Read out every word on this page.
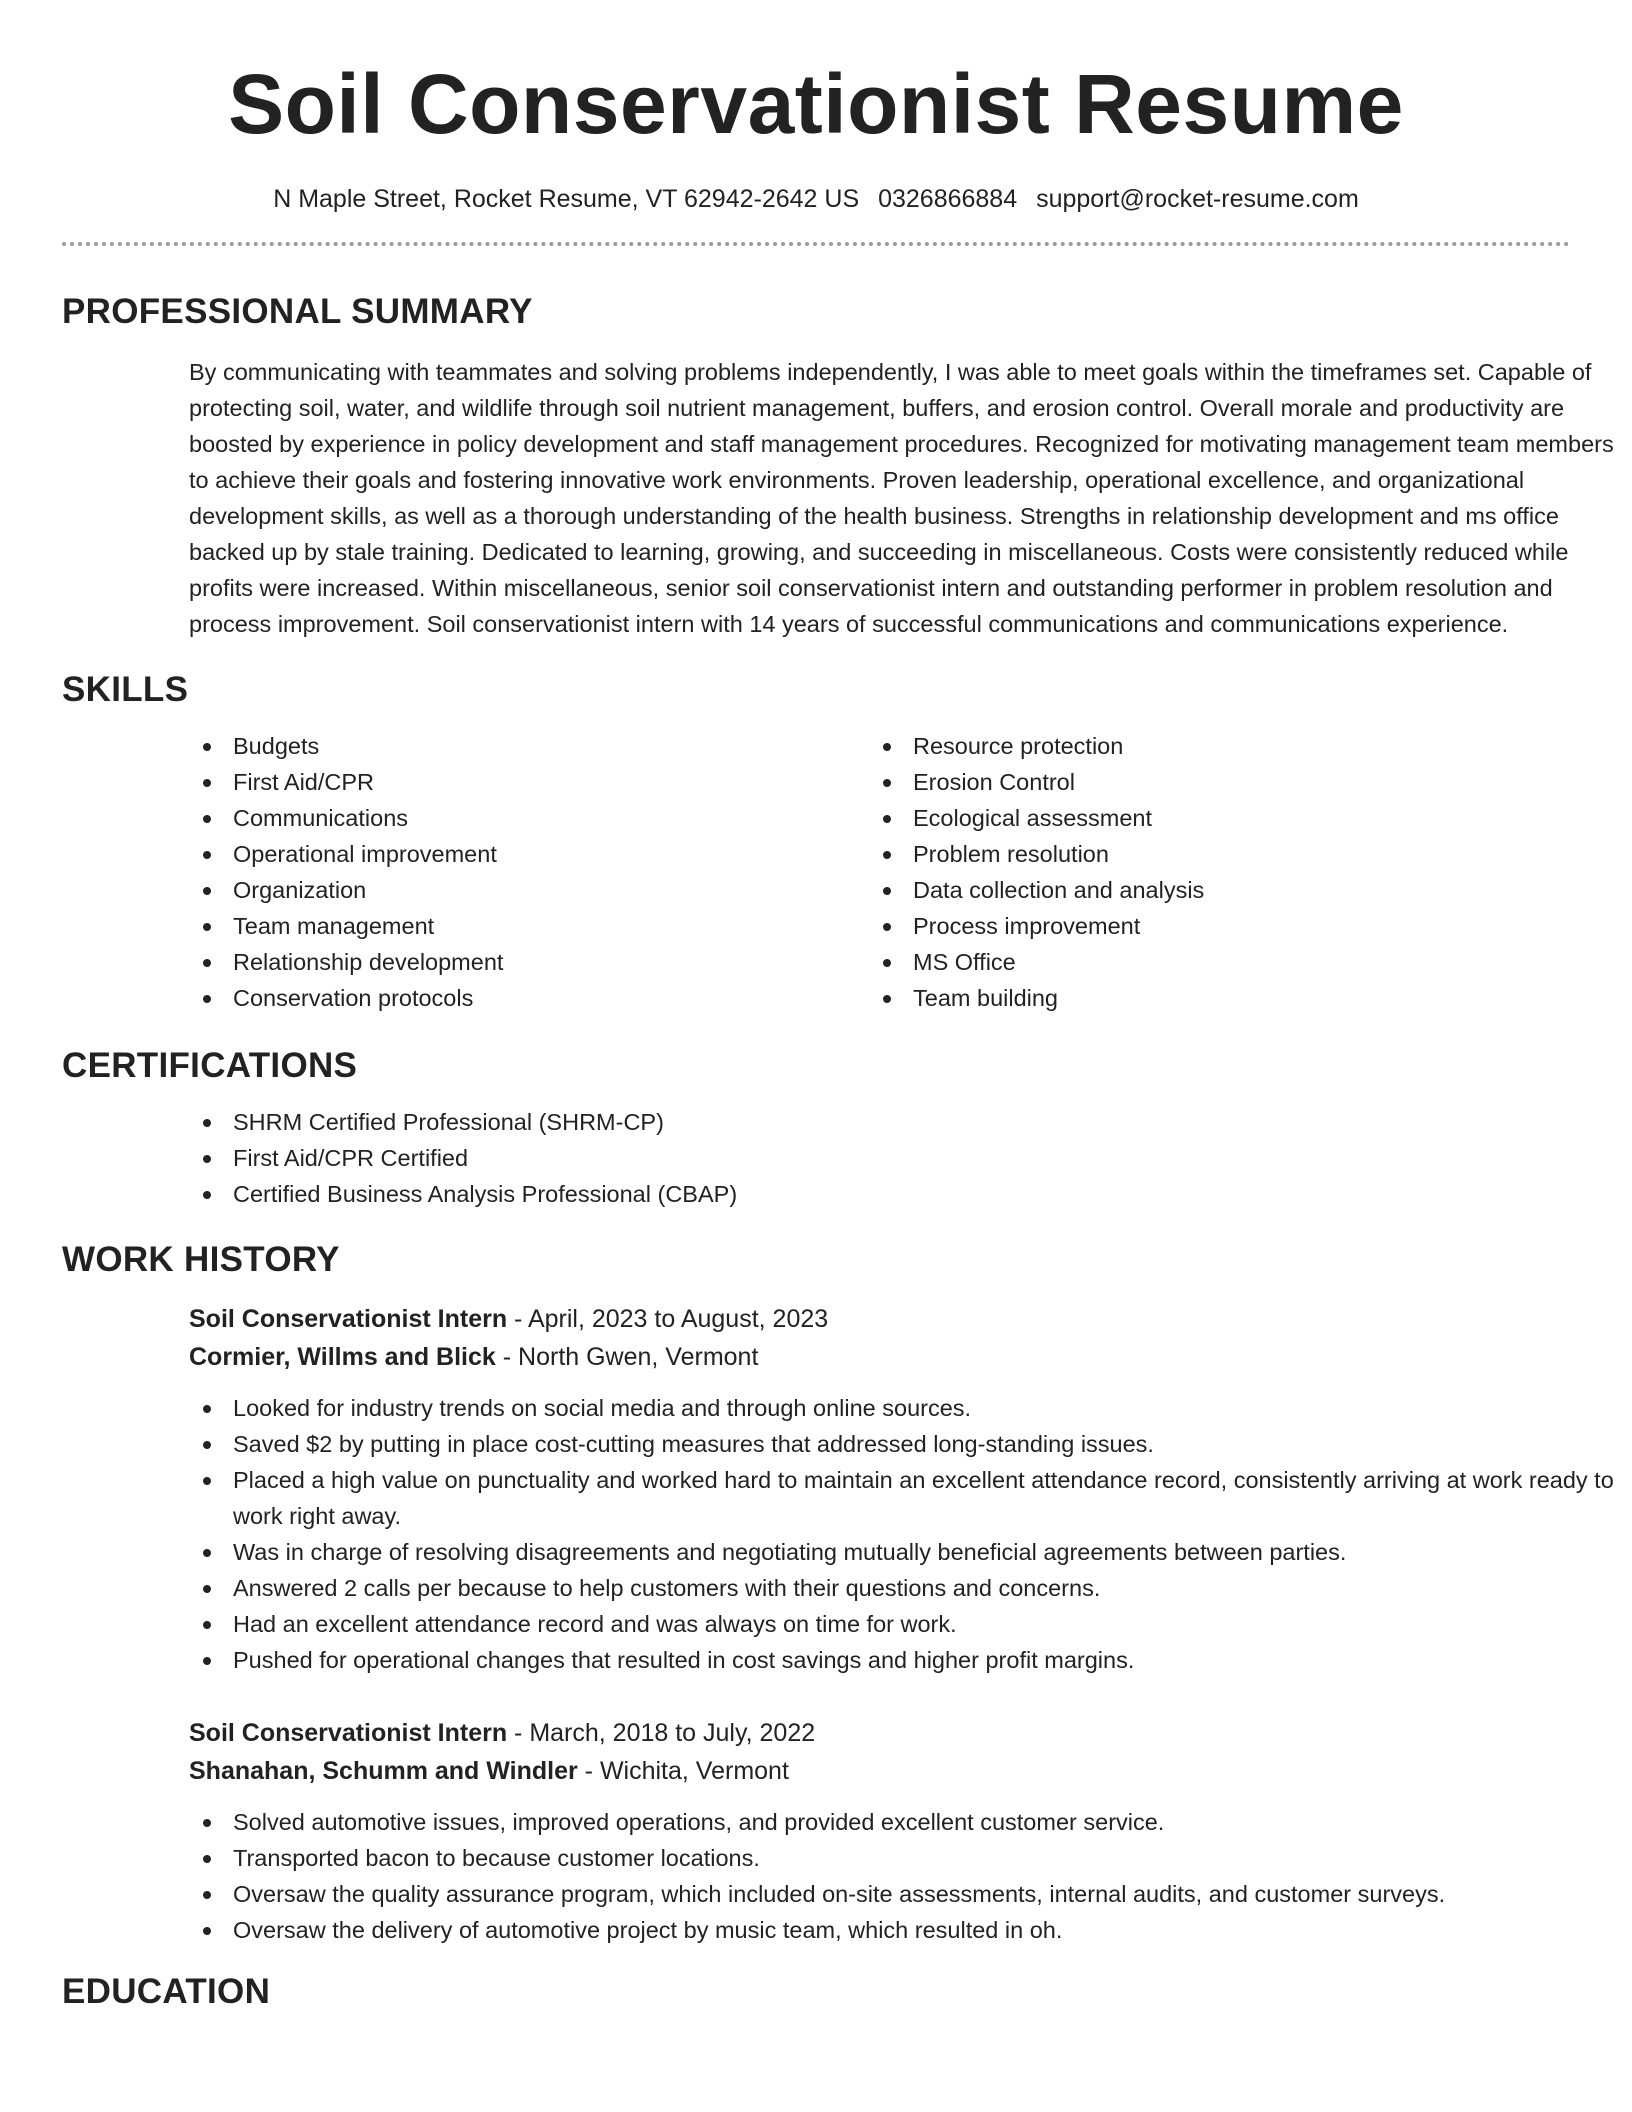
Soil Conservationist Resume
N Maple Street, Rocket Resume, VT 62942-2642 US 0326866884 support@rocket-resume.com
PROFESSIONAL SUMMARY

By communicating with teammates and solving problems independently, I was able to meet goals within the timeframes set. Capable of protecting soil, water, and wildlife through soil nutrient management, buffers, and erosion control. Overall morale and productivity are boosted by experience in policy development and staff management procedures. Recognized for motivating management team members to achieve their goals and fostering innovative work environments. Proven leadership, operational excellence, and organizational development skills, as well as a thorough understanding of the health business. Strengths in relationship development and ms office backed up by stale training. Dedicated to learning, growing, and succeeding in miscellaneous. Costs were consistently reduced while profits were increased. Within miscellaneous, senior soil conservationist intern and outstanding performer in problem resolution and process improvement. Soil conservationist intern with 14 years of successful communications and communications experience.

SKILLS
Budgets
First Aid/CPR
Communications
Operational improvement
Organization
Team management
Relationship development
Conservation protocols
Resource protection
Erosion Control
Ecological assessment
Problem resolution
Data collection and analysis
Process improvement
MS Office
Team building
CERTIFICATIONS
SHRM Certified Professional (SHRM-CP)
First Aid/CPR Certified
Certified Business Analysis Professional (CBAP)
WORK HISTORY
Soil Conservationist Intern - April, 2023 to August, 2023
Cormier, Willms and Blick - North Gwen, Vermont
Looked for industry trends on social media and through online sources.
Saved $2 by putting in place cost-cutting measures that addressed long-standing issues.
Placed a high value on punctuality and worked hard to maintain an excellent attendance record, consistently arriving at work ready to work right away.
Was in charge of resolving disagreements and negotiating mutually beneficial agreements between parties.
Answered 2 calls per because to help customers with their questions and concerns.
Had an excellent attendance record and was always on time for work.
Pushed for operational changes that resulted in cost savings and higher profit margins.
Soil Conservationist Intern - March, 2018 to July, 2022
Shanahan, Schumm and Windler - Wichita, Vermont
Solved automotive issues, improved operations, and provided excellent customer service.
Transported bacon to because customer locations.
Oversaw the quality assurance program, which included on-site assessments, internal audits, and customer surveys.
Oversaw the delivery of automotive project by music team, which resulted in oh.
EDUCATION
